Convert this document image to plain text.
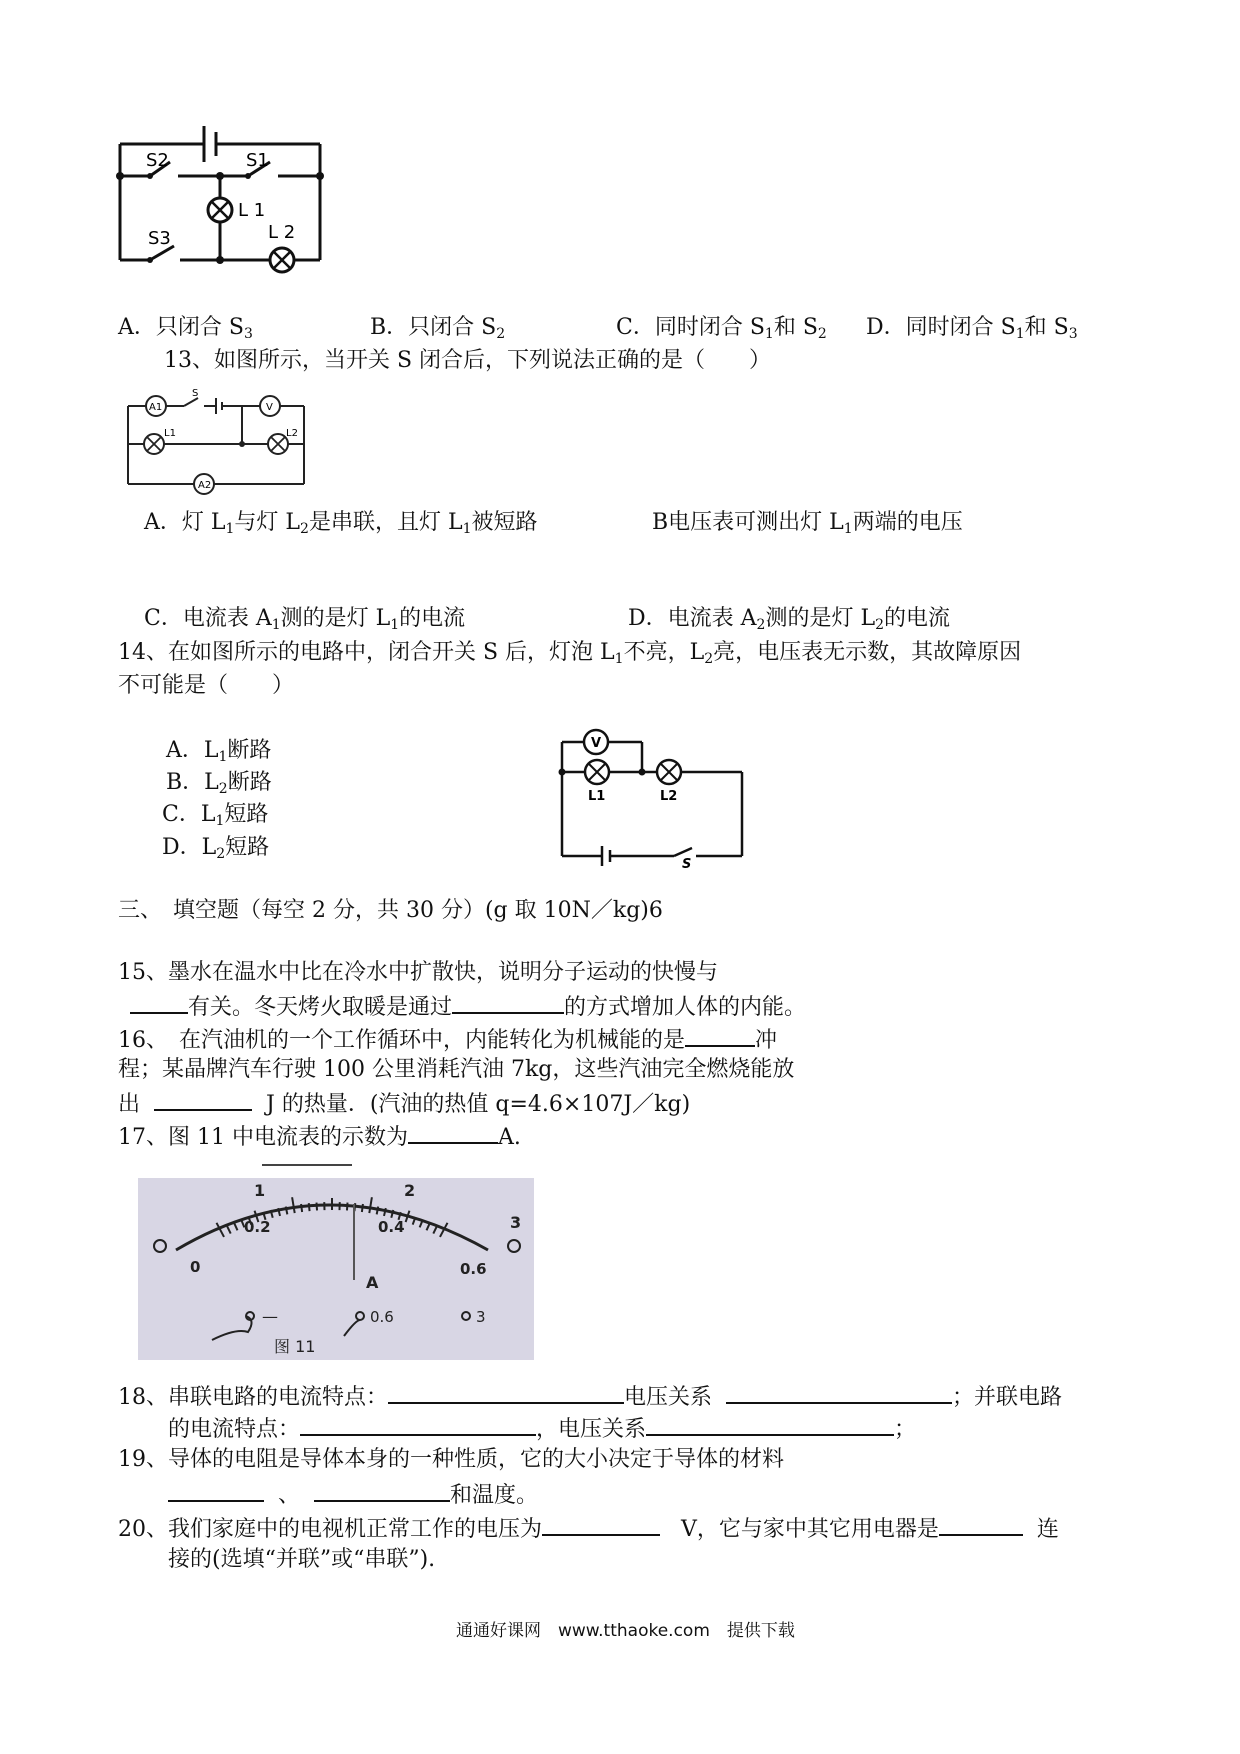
S2	S1
S3
L 1
L 2
A．只闭合 $S_3$	B．只闭合 $S_2$	C．同时闭合 $S_1$和 $S_2$ D．同时闭合 $S_1$和 $S_3$
13、如图所示，当开关 S 闭合后，下列说法正确的是（　　）
A1
S
V
L1	L2
A2
A．灯 $L_1$与灯 $L_2$是串联，且灯 $L_1$被短路	B电压表可测出灯 $L_1$两端的电压
C．电流表 $A_1$测的是灯 $L_1$的电流	D．电流表 $A_2$测的是灯 $L_2$的电流
14、在如图所示的电路中，闭合开关 S 后，灯泡 $L_1$不亮，$L_2$亮，电压表无示数，其故障原因
不可能是（　　）
A．$L_1$断路
B．$L_2$断路
C．$L_1$短路
D．$L_2$短路
V
L1	L2
S
三、　填空题（每空 2 分，共 30 分）(g 取 10N／kg)6
15、墨水在温水中比在冷水中扩散快，说明分子运动的快慢与
有关。冬天烤火取暖是通过	的方式增加人体的内能。
16、　在汽油机的一个工作循环中，内能转化为机械能的是	冲
程；某晶牌汽车行驶 100 公里消耗汽油 7kg，这些汽油完全燃烧能放
出	J 的热量．(汽油的热值 q=4.6×107J／kg)
17、图 11 中电流表的示数为	A.
1	2
3
0.2	0.4
0	0.6
A
—	0.6	3
图 11
18、串联电路的电流特点：	电压关系	；并联电路
的电流特点：	，电压关系	；
19、导体的电阻是导体本身的一种性质，它的大小决定于导体的材料
、	和温度。
20、我们家庭中的电视机正常工作的电压为	V，它与家中其它用电器是	连
接的(选填“并联”或“串联”).
通通好课网　www.tthaoke.com　提供下载
